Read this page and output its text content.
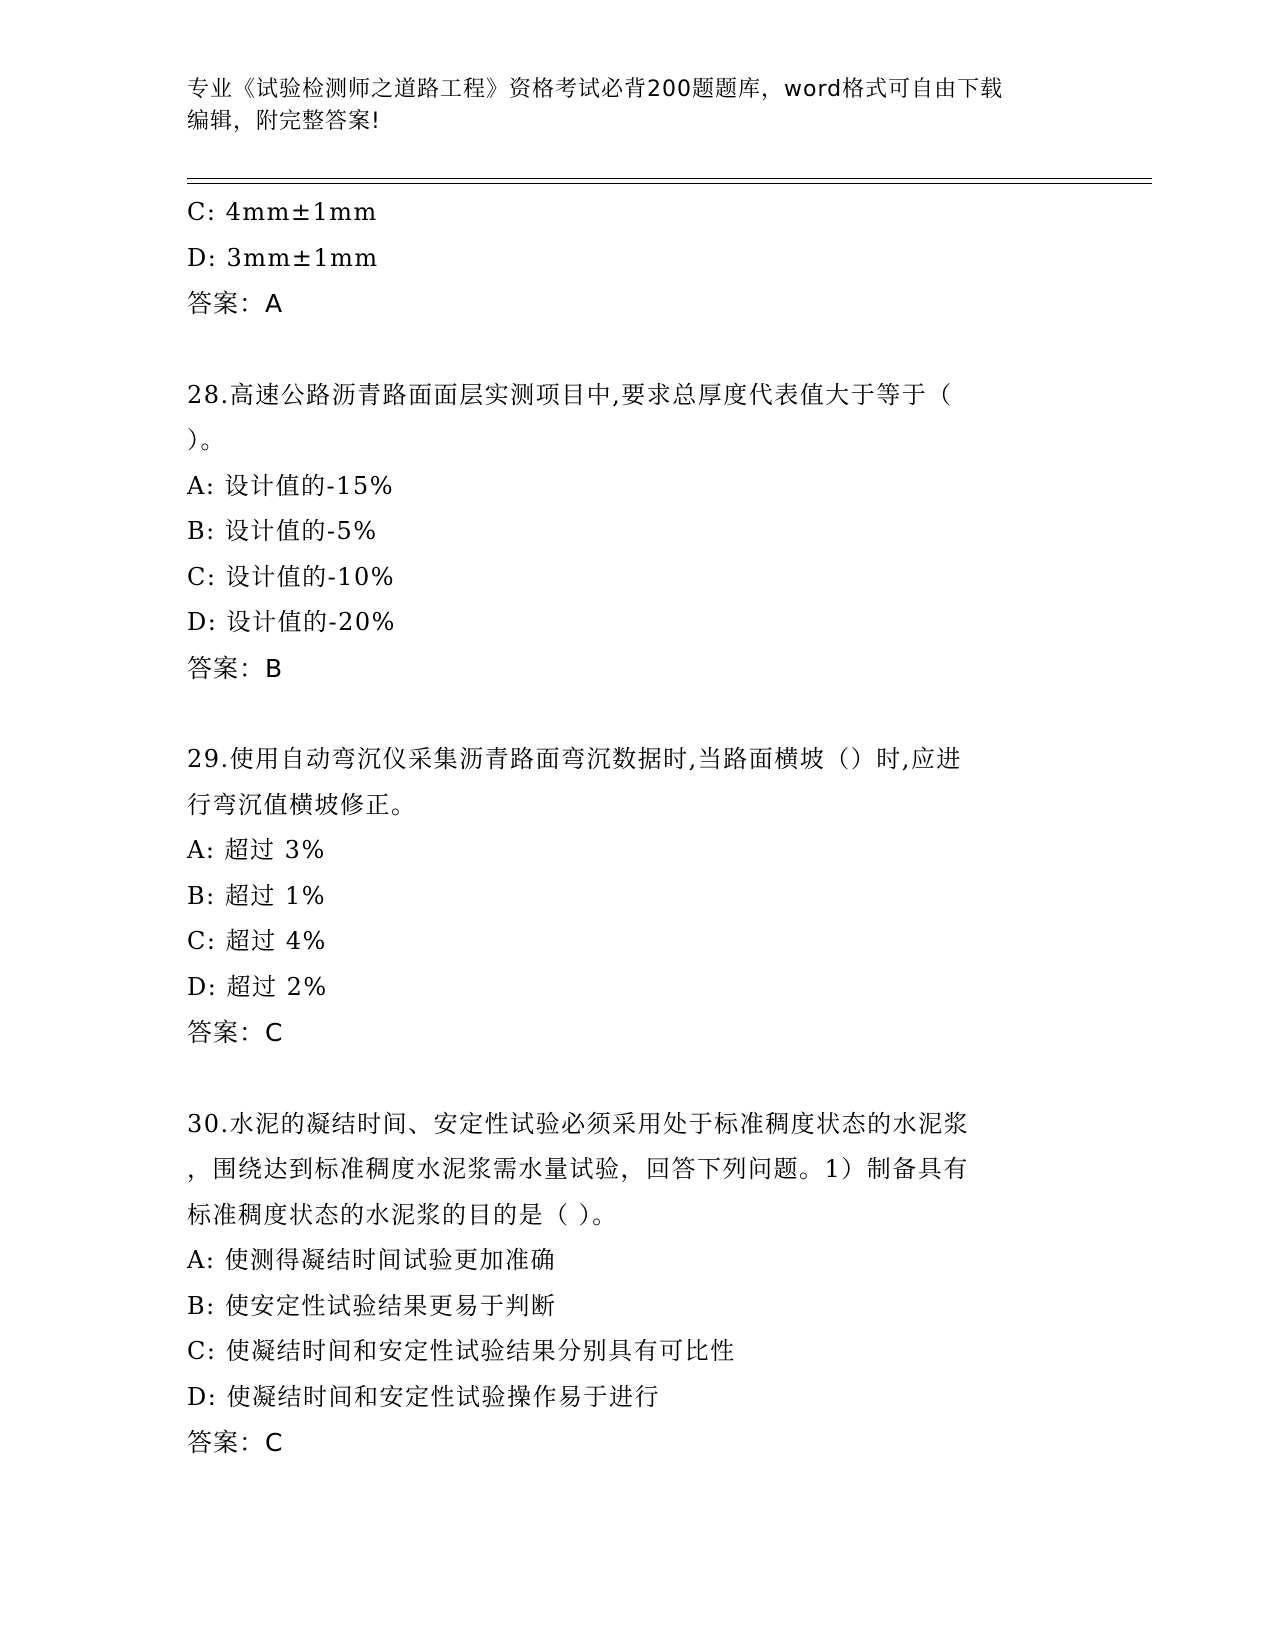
专业《试验检测师之道路工程》资格考试必背200题题库，word格式可自由下载
编辑，附完整答案!
C: 4mm±1mm
D: 3mm±1mm
答案：A
28.高速公路沥青路面面层实测项目中,要求总厚度代表值大于等于（
）。
A: 设计值的-15%
B: 设计值的-5%
C: 设计值的-10%
D: 设计值的-20%
答案：B
29.使用自动弯沉仪采集沥青路面弯沉数据时,当路面横坡（）时,应进
行弯沉值横坡修正。
A: 超过 3%
B: 超过 1%
C: 超过 4%
D: 超过 2%
答案：C
30.水泥的凝结时间、安定性试验必须采用处于标准稠度状态的水泥浆
，围绕达到标准稠度水泥浆需水量试验，回答下列问题。1）制备具有
标准稠度状态的水泥浆的目的是（ ）。
A: 使测得凝结时间试验更加准确
B: 使安定性试验结果更易于判断
C: 使凝结时间和安定性试验结果分别具有可比性
D: 使凝结时间和安定性试验操作易于进行
答案：C
